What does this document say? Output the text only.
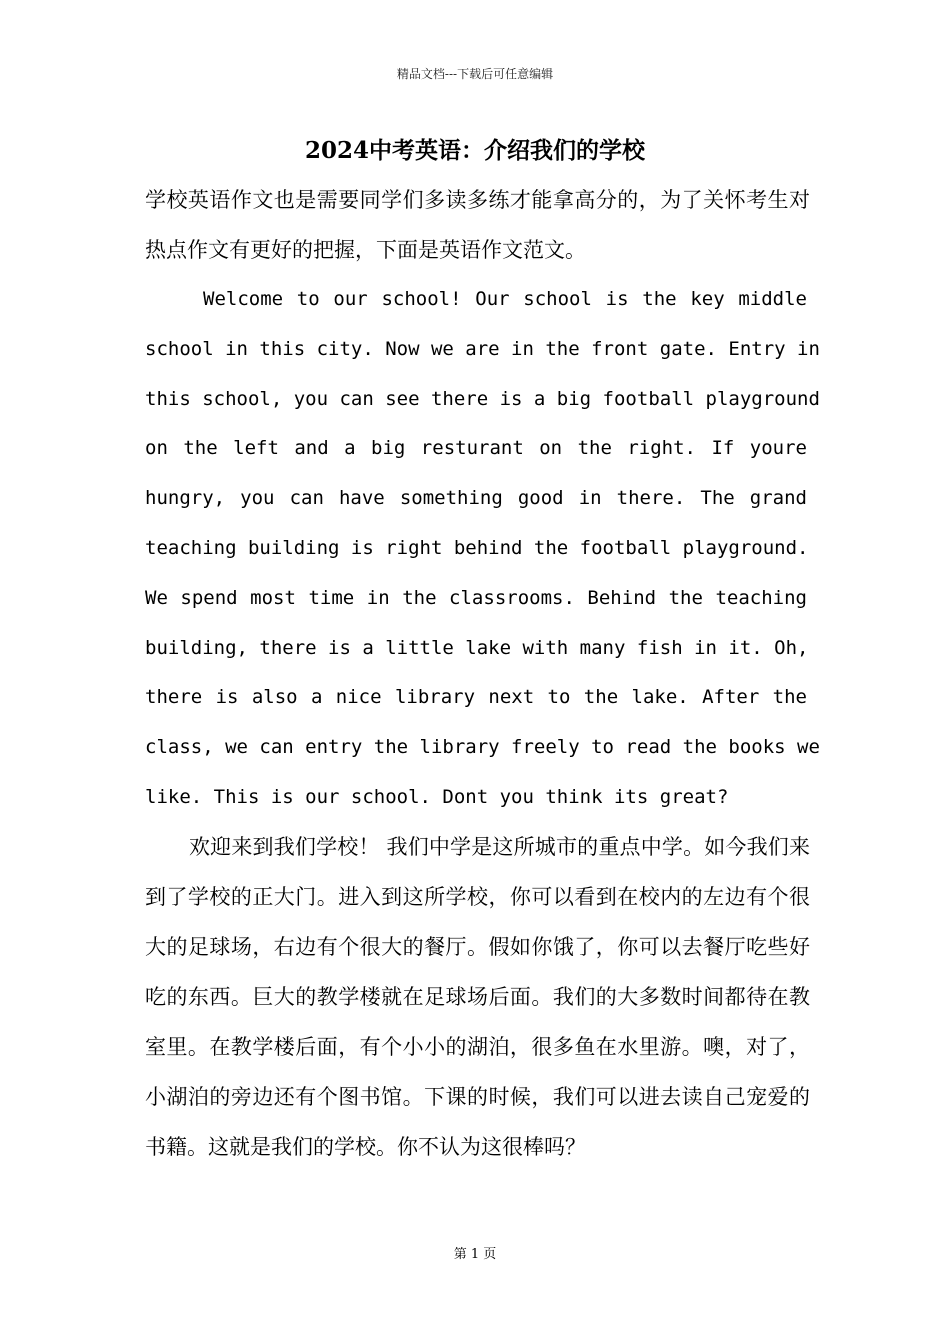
精品文档---下载后可任意编辑
2024中考英语：介绍我们的学校

学校英语作文也是需要同学们多读多练才能拿高分的，为了关怀考生对热点作文有更好的把握，下面是英语作文范文。

Welcome to our school! Our school is the key middle
school in this city. Now we are in the front gate. Entry in
this school, you can see there is a big football playground
on the left and a big resturant on the right. If youre
hungry, you can have something good in there. The grand
teaching building is right behind the football playground.
We spend most time in the classrooms. Behind the teaching
building, there is a little lake with many fish in it. Oh,
there is also a nice library next to the lake. After the
class, we can entry the library freely to read the books we
like. This is our school. Dont you think its great?

欢迎来到我们学校！ 我们中学是这所城市的重点中学。如今我们来到了学校的正大门。进入到这所学校，你可以看到在校内的左边有个很大的足球场，右边有个很大的餐厅。假如你饿了，你可以去餐厅吃些好吃的东西。巨大的教学楼就在足球场后面。我们的大多数时间都待在教室里。在教学楼后面，有个小小的湖泊，很多鱼在水里游。噢，对了，小湖泊的旁边还有个图书馆。下课的时候，我们可以进去读自己宠爱的书籍。这就是我们的学校。你不认为这很棒吗？

第 1 页
